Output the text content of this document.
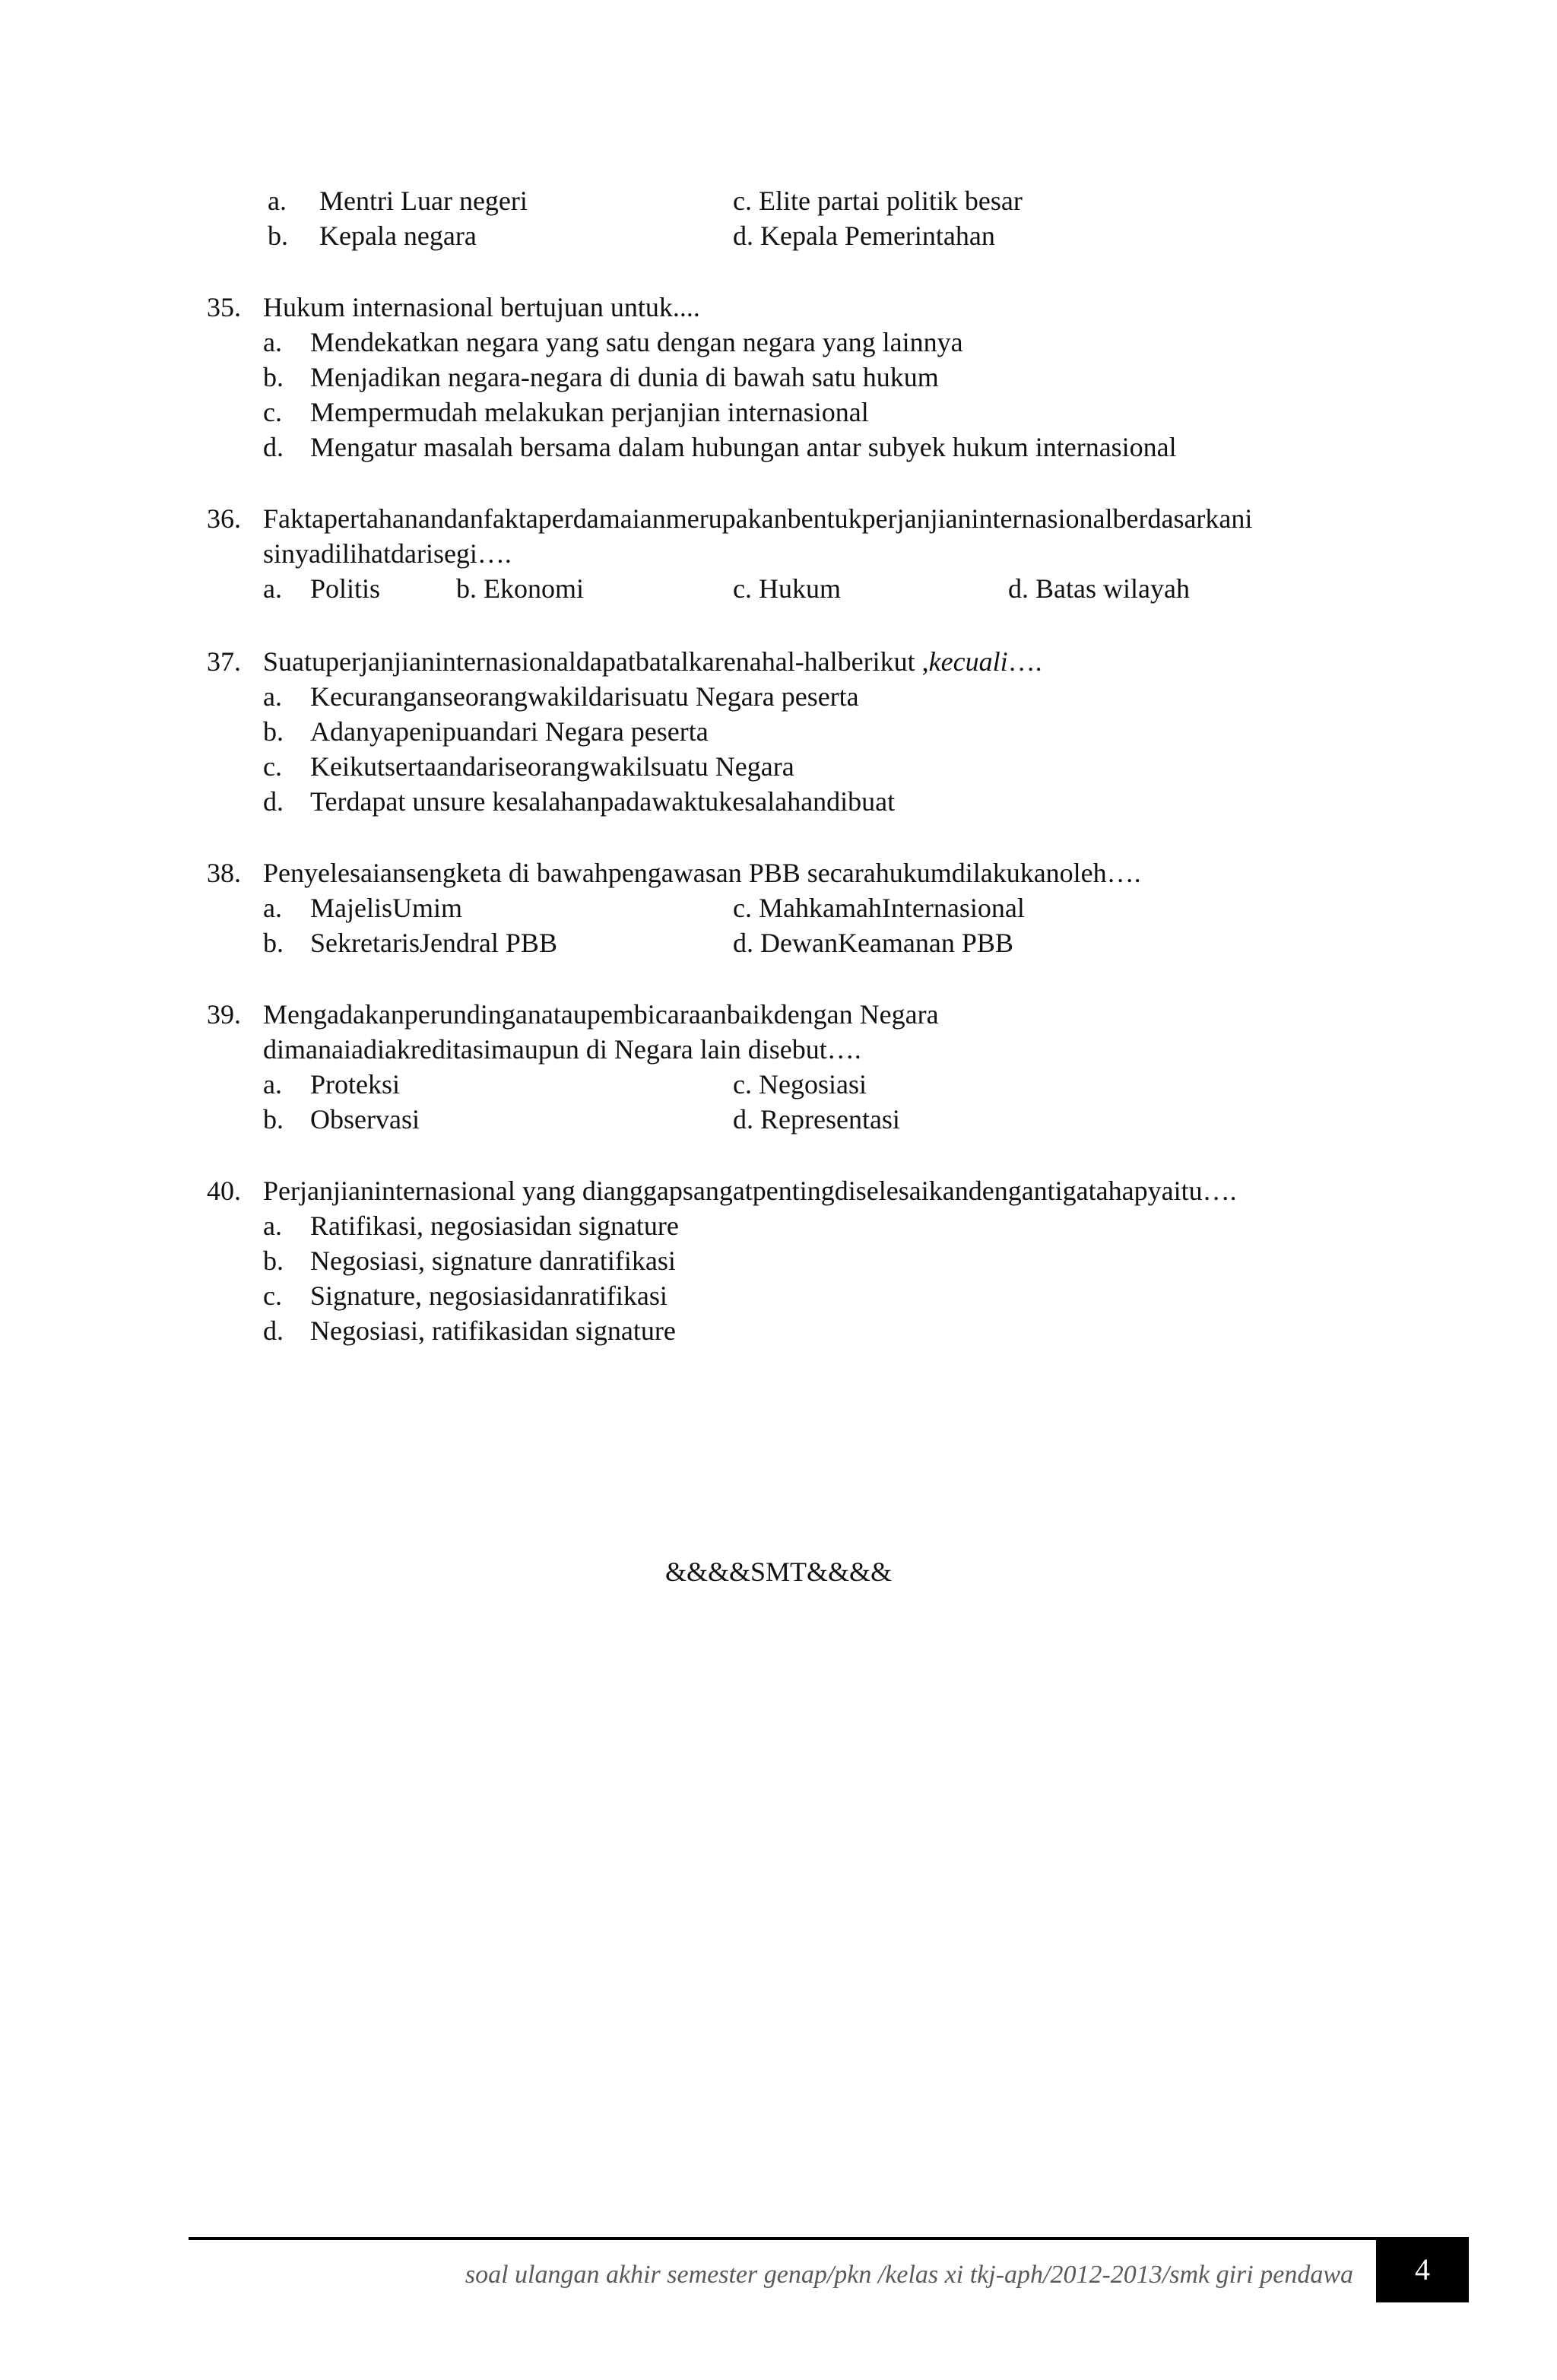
a. Mentri Luar negeri	c. Elite partai politik besar
b. Kepala negara	d. Kepala Pemerintahan
35. Hukum internasional bertujuan untuk....
a. Mendekatkan negara yang satu dengan negara yang lainnya
b. Menjadikan negara-negara di dunia di bawah satu hukum
c. Mempermudah melakukan perjanjian internasional
d. Mengatur masalah bersama dalam hubungan antar subyek hukum internasional
36. Faktapertahanandanfaktaperdamaianmerupakanbentukperjanjianinternasionalberdasarkani
sinyadilihatdarisegi….
a. Politis	b. Ekonomi	c. Hukum	d. Batas wilayah
37. Suatuperjanjianinternasionaldapatbatalkarenahal-halberikut ,kecuali….
a. Kecuranganseorangwakildarisuatu Negara peserta
b. Adanyapenipuandari Negara peserta
c. Keikutsertaandariseorangwakilsuatu Negara
d. Terdapat unsure kesalahanpadawaktukesalahandibuat
38. Penyelesaiansengketa di bawahpengawasan PBB secarahukumdilakukanoleh….
a. MajelisUmim	c. MahkamahInternasional
b. SekretarisJendral PBB	d. DewanKeamanan PBB
39. Mengadakanperundinganataupembicaraanbaikdengan Negara
dimanaiadiakreditasimaupun di Negara lain disebut….
a. Proteksi	c. Negosiasi
b. Observasi	d. Representasi
40. Perjanjianinternasional yang dianggapsangatpentingdiselesaikandengantigatahapyaitu….
a. Ratifikasi, negosiasidan signature
b. Negosiasi, signature danratifikasi
c. Signature, negosiasidanratifikasi
d. Negosiasi, ratifikasidan signature
&&&&SMT&&&&
soal ulangan akhir semester genap/pkn /kelas xi tkj-aph/2012-2013/smk giri pendawa	4
